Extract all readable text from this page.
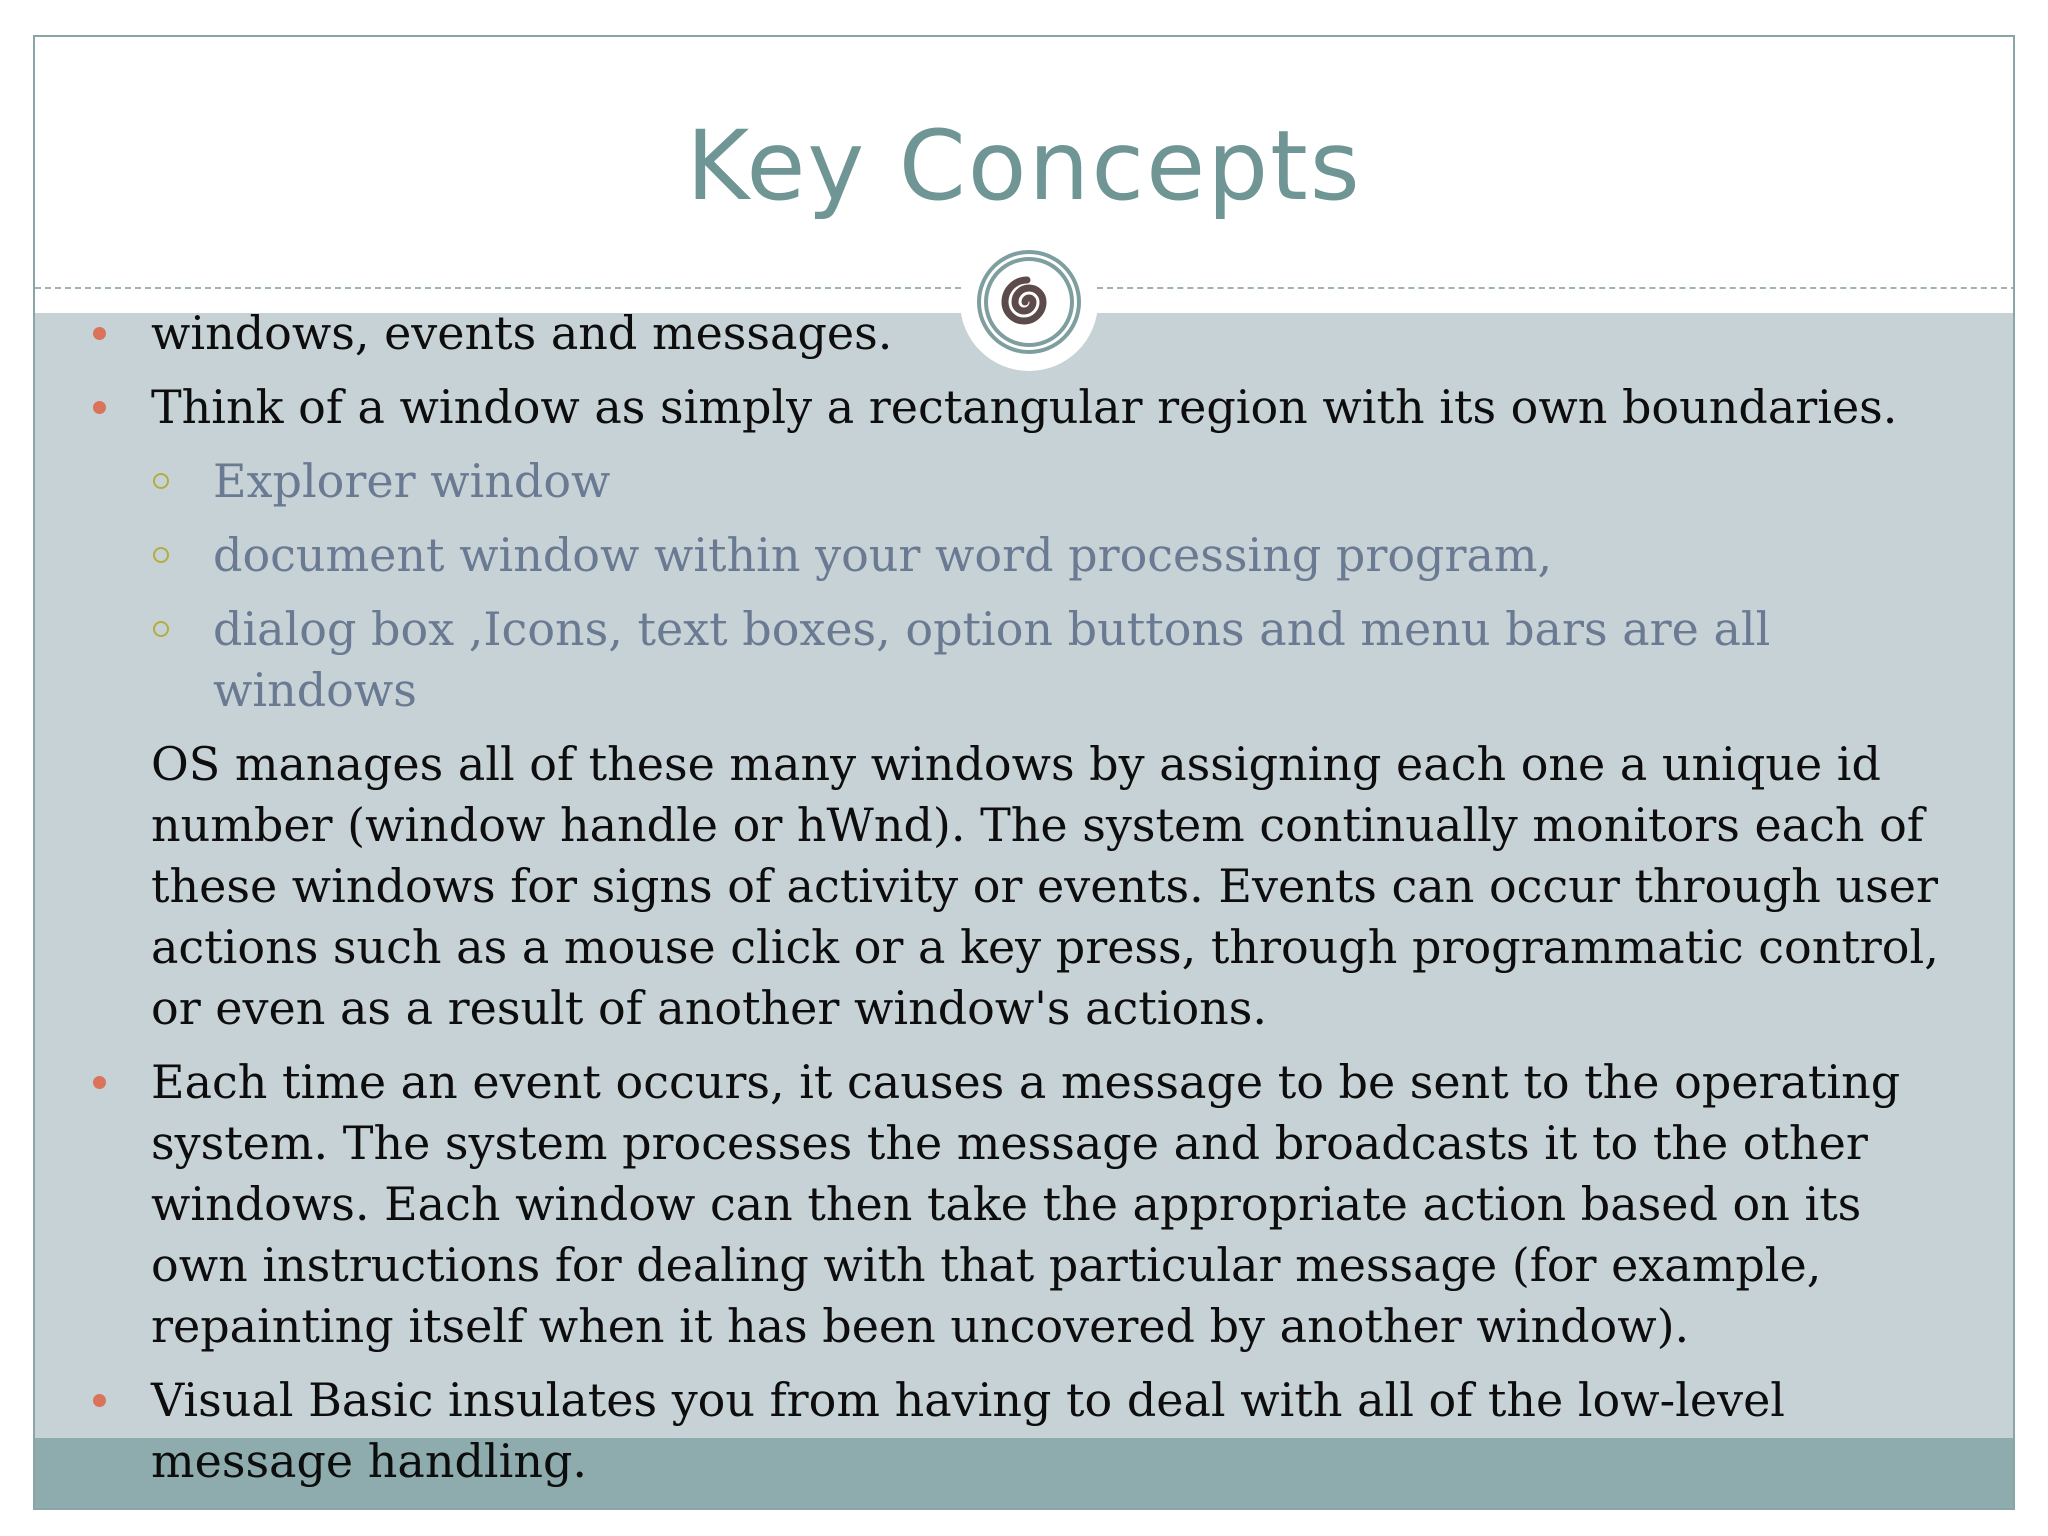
Key Concepts
windows, events and messages.
Think of a window as simply a rectangular region with its own boundaries.
Explorer window
document window within your word processing program,
dialog box ,Icons, text boxes, option buttons and menu bars are all windows
OS manages all of these many windows by assigning each one a unique id number (window handle or hWnd). The system continually monitors each of these windows for signs of activity or events. Events can occur through user actions such as a mouse click or a key press, through programmatic control, or even as a result of another window's actions.
Each time an event occurs, it causes a message to be sent to the operating system. The system processes the message and broadcasts it to the other windows. Each window can then take the appropriate action based on its own instructions for dealing with that particular message (for example, repainting itself when it has been uncovered by another window).
Visual Basic insulates you from having to deal with all of the low-level message handling.
